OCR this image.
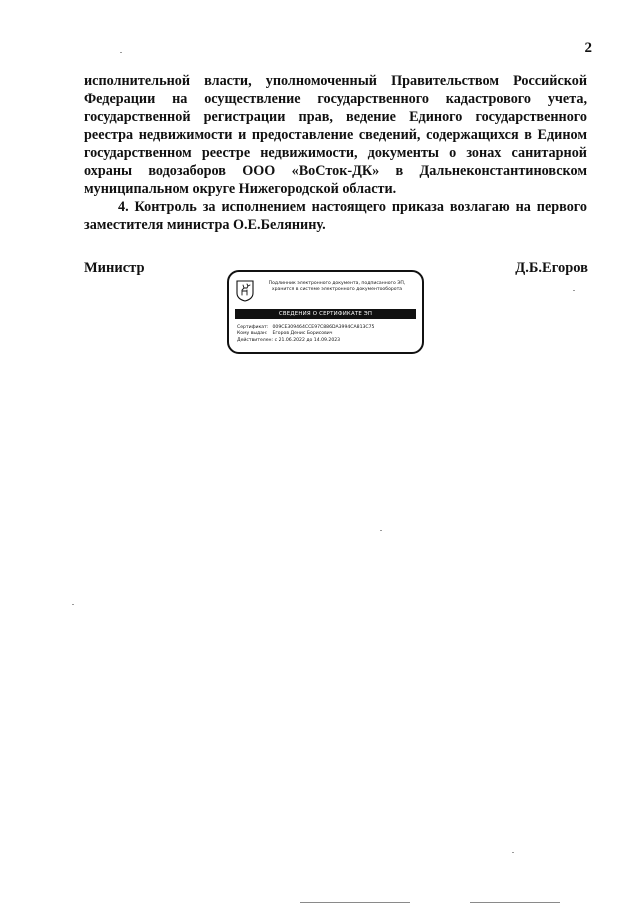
2

исполнительной власти, уполномоченный Правительством Российской Федерации на осуществление государственного кадастрового учета, государственной регистрации прав, ведение Единого государственного реестра недвижимости и предоставление сведений, содержащихся в Едином государственном реестре недвижимости, документы о зонах санитарной охраны водозаборов ООО «ВоСток-ДК» в Дальнеконстантиновском муниципальном округе Нижегородской области.

4. Контроль за исполнением настоящего приказа возлагаю на первого заместителя министра О.Е.Белянину.

Министр	Д.Б.Егоров
Подлинник электронного документа, подписанного ЭП,
хранится в системе электронного документооборота
СВЕДЕНИЯ О СЕРТИФИКАТЕ ЭП
Сертификат: 009CE309464CCE97C886DA3994CA813C75
Кому выдан: Егоров Денис Борисович
Действителен: с 21.06.2022 до 14.09.2023
